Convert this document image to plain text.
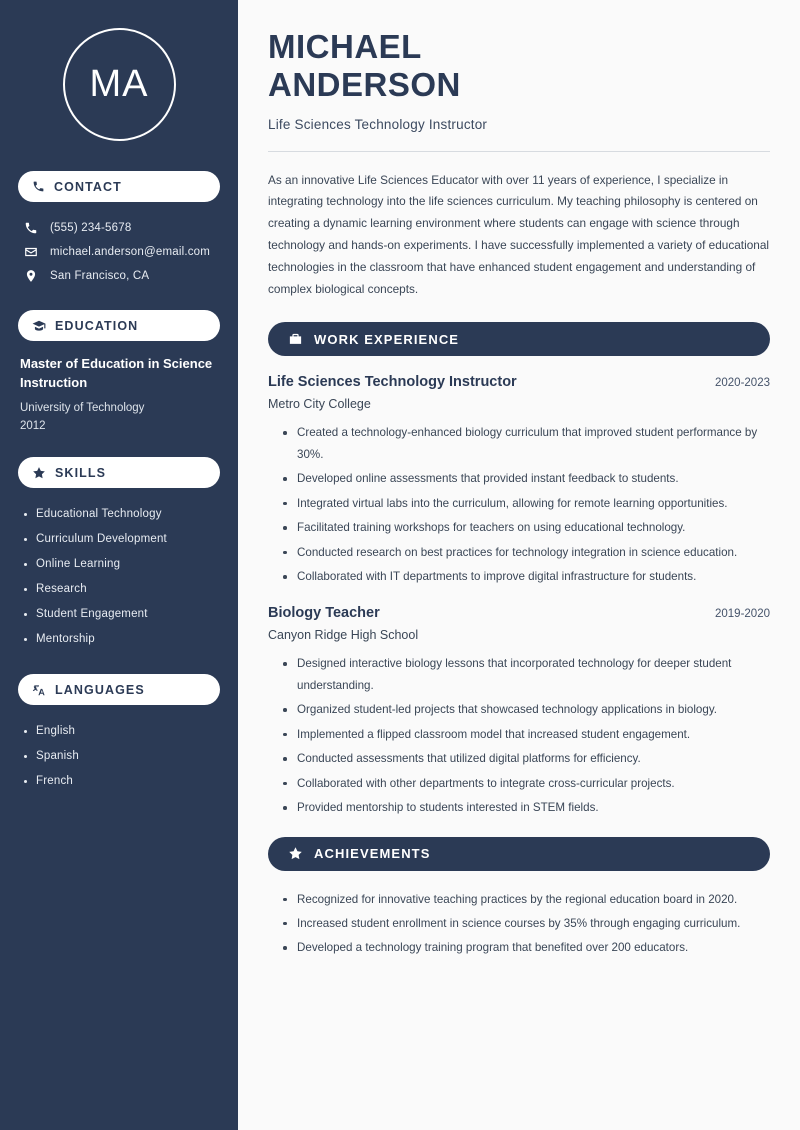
MA
CONTACT
(555) 234-5678
michael.anderson@email.com
San Francisco, CA
EDUCATION
Master of Education in Science Instruction
University of Technology
2012
SKILLS
Educational Technology
Curriculum Development
Online Learning
Research
Student Engagement
Mentorship
LANGUAGES
English
Spanish
French
MICHAEL
ANDERSON
Life Sciences Technology Instructor

As an innovative Life Sciences Educator with over 11 years of experience, I specialize in integrating technology into the life sciences curriculum. My teaching philosophy is centered on creating a dynamic learning environment where students can engage with science through technology and hands-on experiments. I have successfully implemented a variety of educational technologies in the classroom that have enhanced student engagement and understanding of complex biological concepts.

WORK EXPERIENCE
Life Sciences Technology Instructor	2020-2023
Metro City College
Created a technology-enhanced biology curriculum that improved student performance by 30%.
Developed online assessments that provided instant feedback to students.
Integrated virtual labs into the curriculum, allowing for remote learning opportunities.
Facilitated training workshops for teachers on using educational technology.
Conducted research on best practices for technology integration in science education.
Collaborated with IT departments to improve digital infrastructure for students.
Biology Teacher	2019-2020
Canyon Ridge High School
Designed interactive biology lessons that incorporated technology for deeper student understanding.
Organized student-led projects that showcased technology applications in biology.
Implemented a flipped classroom model that increased student engagement.
Conducted assessments that utilized digital platforms for efficiency.
Collaborated with other departments to integrate cross-curricular projects.
Provided mentorship to students interested in STEM fields.
ACHIEVEMENTS
Recognized for innovative teaching practices by the regional education board in 2020.
Increased student enrollment in science courses by 35% through engaging curriculum.
Developed a technology training program that benefited over 200 educators.
